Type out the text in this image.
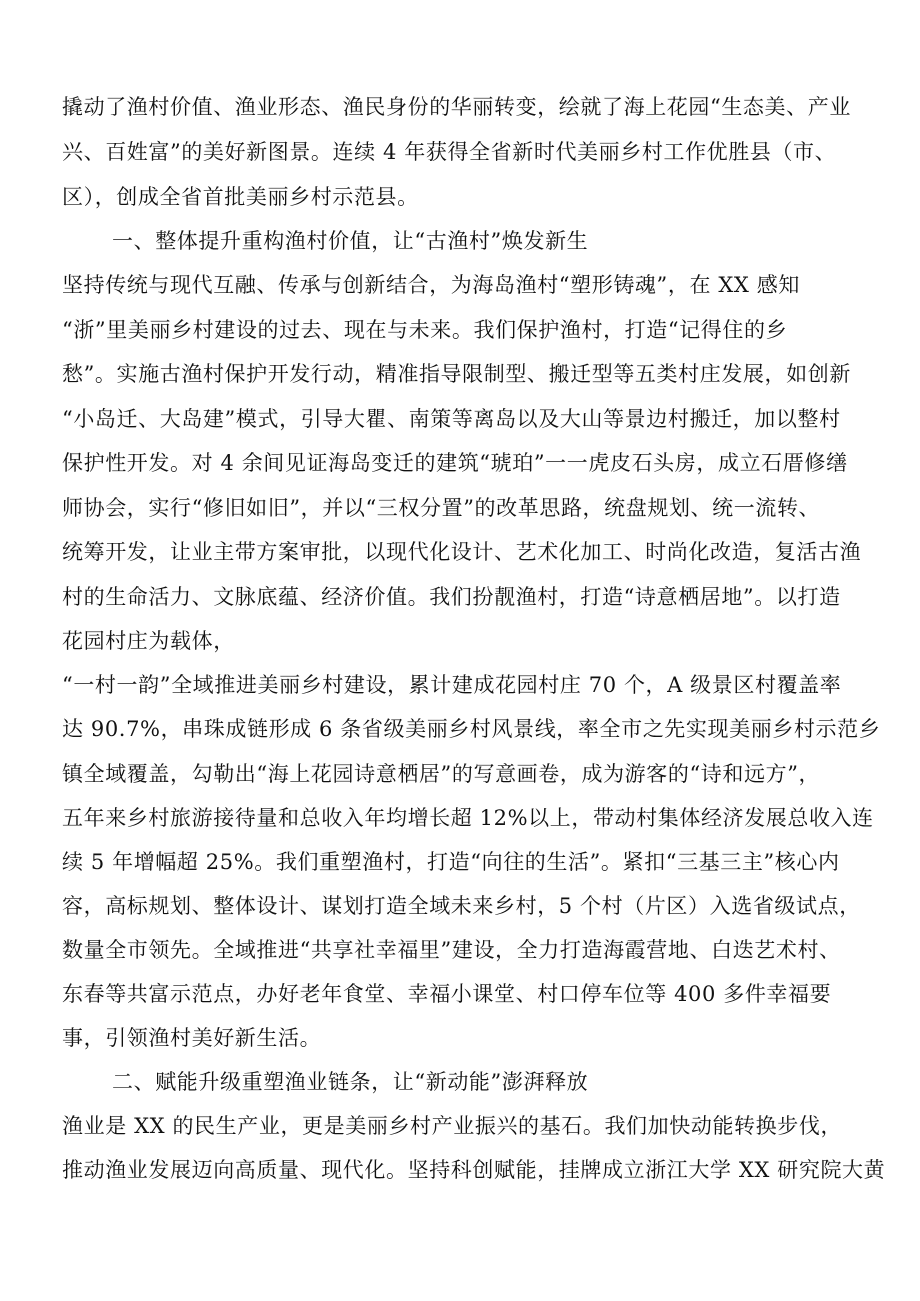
撬动了渔村价值、渔业形态、渔民身份的华丽转变，绘就了海上花园“生态美、产业
兴、百姓富”的美好新图景。连续 4 年获得全省新时代美丽乡村工作优胜县（市、
区），创成全省首批美丽乡村示范县。
一、整体提升重构渔村价值，让“古渔村”焕发新生
坚持传统与现代互融、传承与创新结合，为海岛渔村“塑形铸魂”，在 XX 感知
“浙”里美丽乡村建设的过去、现在与未来。我们保护渔村，打造“记得住的乡
愁”。实施古渔村保护开发行动，精准指导限制型、搬迁型等五类村庄发展，如创新
“小岛迁、大岛建”模式，引导大瞿、南策等离岛以及大山等景边村搬迁，加以整村
保护性开发。对 4 余间见证海岛变迁的建筑“琥珀”一一虎皮石头房，成立石厝修缮
师协会，实行“修旧如旧”，并以“三权分置”的改革思路，统盘规划、统一流转、
统筹开发，让业主带方案审批，以现代化设计、艺术化加工、时尚化改造，复活古渔
村的生命活力、文脉底蕴、经济价值。我们扮靓渔村，打造“诗意栖居地”。以打造
花园村庄为载体，
“一村一韵”全域推进美丽乡村建设，累计建成花园村庄 70 个，A 级景区村覆盖率
达 90.7%，串珠成链形成 6 条省级美丽乡村风景线，率全市之先实现美丽乡村示范乡
镇全域覆盖，勾勒出“海上花园诗意栖居”的写意画卷，成为游客的“诗和远方”，
五年来乡村旅游接待量和总收入年均增长超 12%以上，带动村集体经济发展总收入连
续 5 年增幅超 25%。我们重塑渔村，打造“向往的生活”。紧扣“三基三主”核心内
容，高标规划、整体设计、谋划打造全域未来乡村，5 个村（片区）入选省级试点，
数量全市领先。全域推进“共享社幸福里”建设，全力打造海霞营地、白迭艺术村、
东春等共富示范点，办好老年食堂、幸福小课堂、村口停车位等 400 多件幸福要
事，引领渔村美好新生活。
二、赋能升级重塑渔业链条，让“新动能”澎湃释放
渔业是 XX 的民生产业，更是美丽乡村产业振兴的基石。我们加快动能转换步伐，
推动渔业发展迈向高质量、现代化。坚持科创赋能，挂牌成立浙江大学 XX 研究院大黄
